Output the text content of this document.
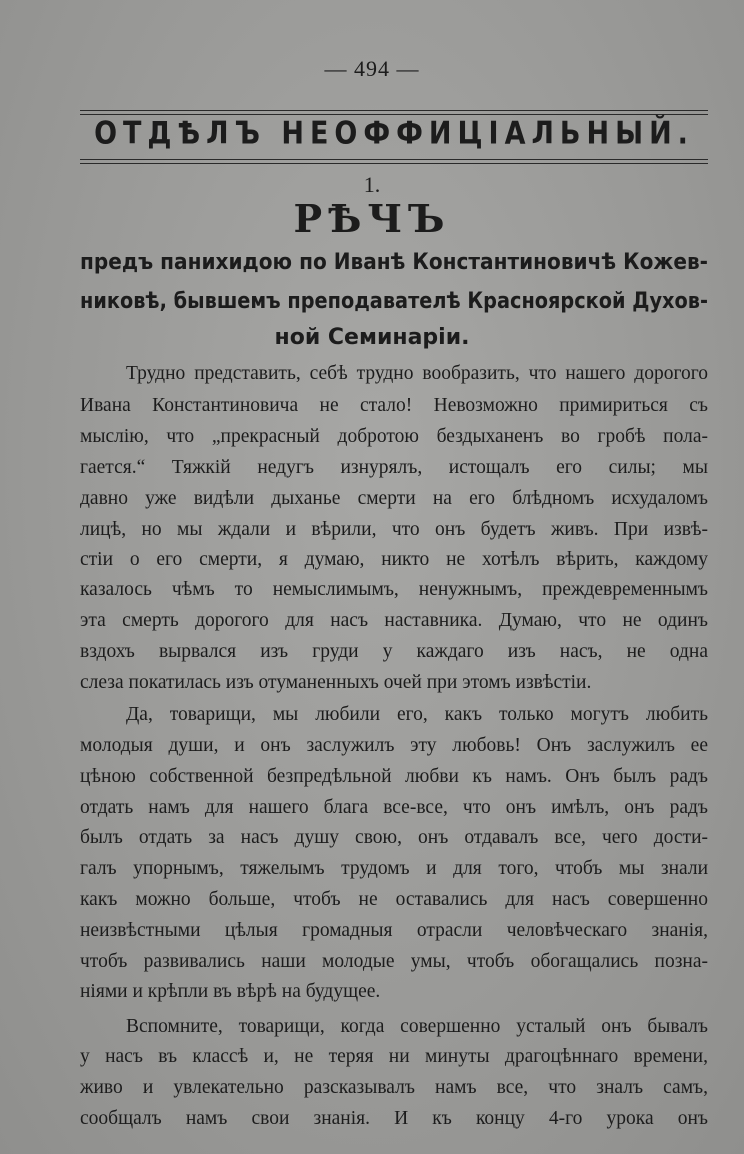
— 494 —
ОТДѢЛЪ НЕОФФИЦІАЛЬНЫЙ.
1.
РѢЧЪ
предъ панихидою по Иванѣ Константиновичѣ Кожев-
никовѣ, бывшемъ преподавателѣ Красноярской Духов-
ной Семинаріи.
Трудно представить, себѣ трудно вообразить, что нашего дорогого
Ивана Константиновича не стало! Невозможно примириться съ
мыслію, что „прекрасный добротою бездыханенъ во гробѣ пола-
гается.“ Тяжкій недугъ изнурялъ, истощалъ его силы; мы
давно уже видѣли дыханье смерти на его блѣдномъ исхудаломъ
лицѣ, но мы ждали и вѣрили, что онъ будетъ живъ. При извѣ-
стіи о его смерти, я думаю, никто не хотѣлъ вѣрить, каждому
казалось чѣмъ то немыслимымъ, ненужнымъ, преждевременнымъ
эта смерть дорогого для насъ наставника. Думаю, что не одинъ
вздохъ вырвался изъ груди у каждаго изъ насъ, не одна
слеза покатилась изъ отуманенныхъ очей при этомъ извѣстіи.
Да, товарищи, мы любили его, какъ только могутъ любить
молодыя души, и онъ заслужилъ эту любовь! Онъ заслужилъ ее
цѣною собственной безпредѣльной любви къ намъ. Онъ былъ радъ
отдать намъ для нашего блага все-все, что онъ имѣлъ, онъ радъ
былъ отдать за насъ душу свою, онъ отдавалъ все, чего дости-
галъ упорнымъ, тяжелымъ трудомъ и для того, чтобъ мы знали
какъ можно больше, чтобъ не оставались для насъ совершенно
неизвѣстными цѣлыя громадныя отрасли человѣческаго знанія,
чтобъ развивались наши молодые умы, чтобъ обогащались позна-
ніями и крѣпли въ вѣрѣ на будущее.
Вспомните, товарищи, когда совершенно усталый онъ бывалъ
у насъ въ классѣ и, не теряя ни минуты драгоцѣннаго времени,
живо и увлекательно разсказывалъ намъ все, что зналъ самъ,
сообщалъ намъ свои знанія. И къ концу 4-го урока онъ
